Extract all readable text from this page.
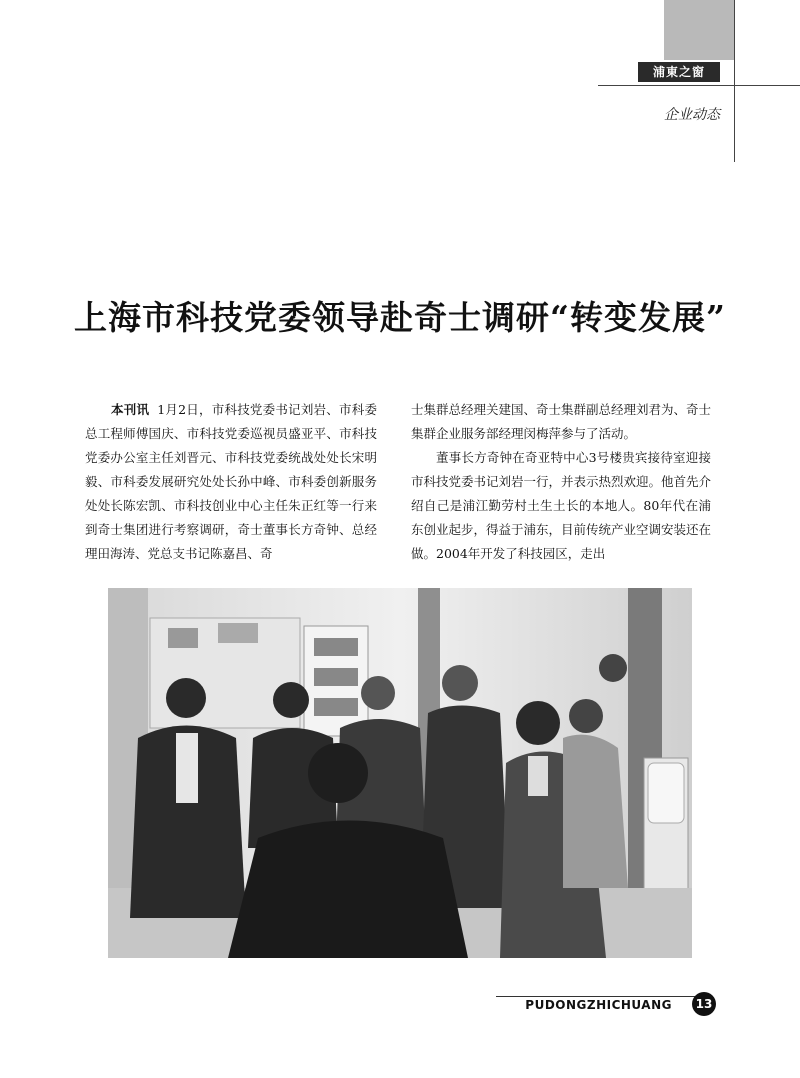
浦東之窗
企业动态
上海市科技党委领导赴奇士调研“转变发展”

本刊讯 1月2日，市科技党委书记刘岩、市科委总工程师傅国庆、市科技党委巡视员盛亚平、市科技党委办公室主任刘晋元、市科技党委统战处处长宋明毅、市科委发展研究处处长孙中峰、市科委创新服务处处长陈宏凯、市科技创业中心主任朱正红等一行来到奇士集团进行考察调研，奇士董事长方奇钟、总经理田海涛、党总支书记陈嘉昌、奇

士集群总经理关建国、奇士集群副总经理刘君为、奇士集群企业服务部经理闵梅萍参与了活动。

董事长方奇钟在奇亚特中心3号楼贵宾接待室迎接市科技党委书记刘岩一行，并表示热烈欢迎。他首先介绍自己是浦江勤劳村土生土长的本地人。80年代在浦东创业起步，得益于浦东，目前传统产业空调安装还在做。2004年开发了科技园区，走出

PUDONGZHICHUANG	13
